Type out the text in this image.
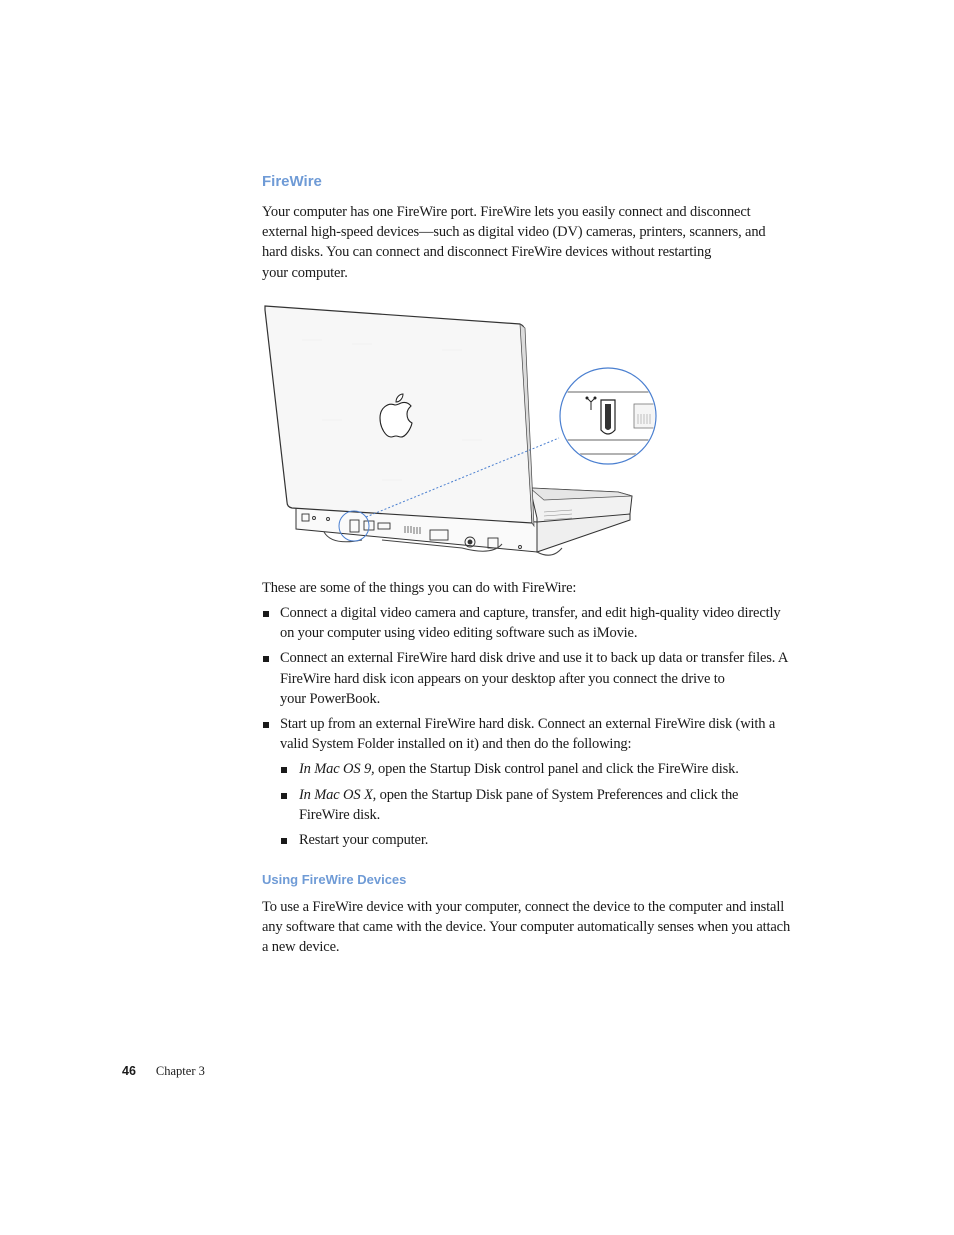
FireWire

Your computer has one FireWire port. FireWire lets you easily connect and disconnect
external high-speed devices—such as digital video (DV) cameras, printers, scanners, and
hard disks. You can connect and disconnect FireWire devices without restarting
your computer.

These are some of the things you can do with FireWire:

Connect a digital video camera and capture, transfer, and edit high-quality video directly
on your computer using video editing software such as iMovie.
Connect an external FireWire hard disk drive and use it to back up data or transfer files. A
FireWire hard disk icon appears on your desktop after you connect the drive to
your PowerBook.
Start up from an external FireWire hard disk. Connect an external FireWire disk (with a
valid System Folder installed on it) and then do the following:
In Mac OS 9, open the Startup Disk control panel and click the FireWire disk.
In Mac OS X, open the Startup Disk pane of System Preferences and click the
FireWire disk.
Restart your computer.
Using FireWire Devices

To use a FireWire device with your computer, connect the device to the computer and install
any software that came with the device. Your computer automatically senses when you attach
a new device.

46 Chapter 3
